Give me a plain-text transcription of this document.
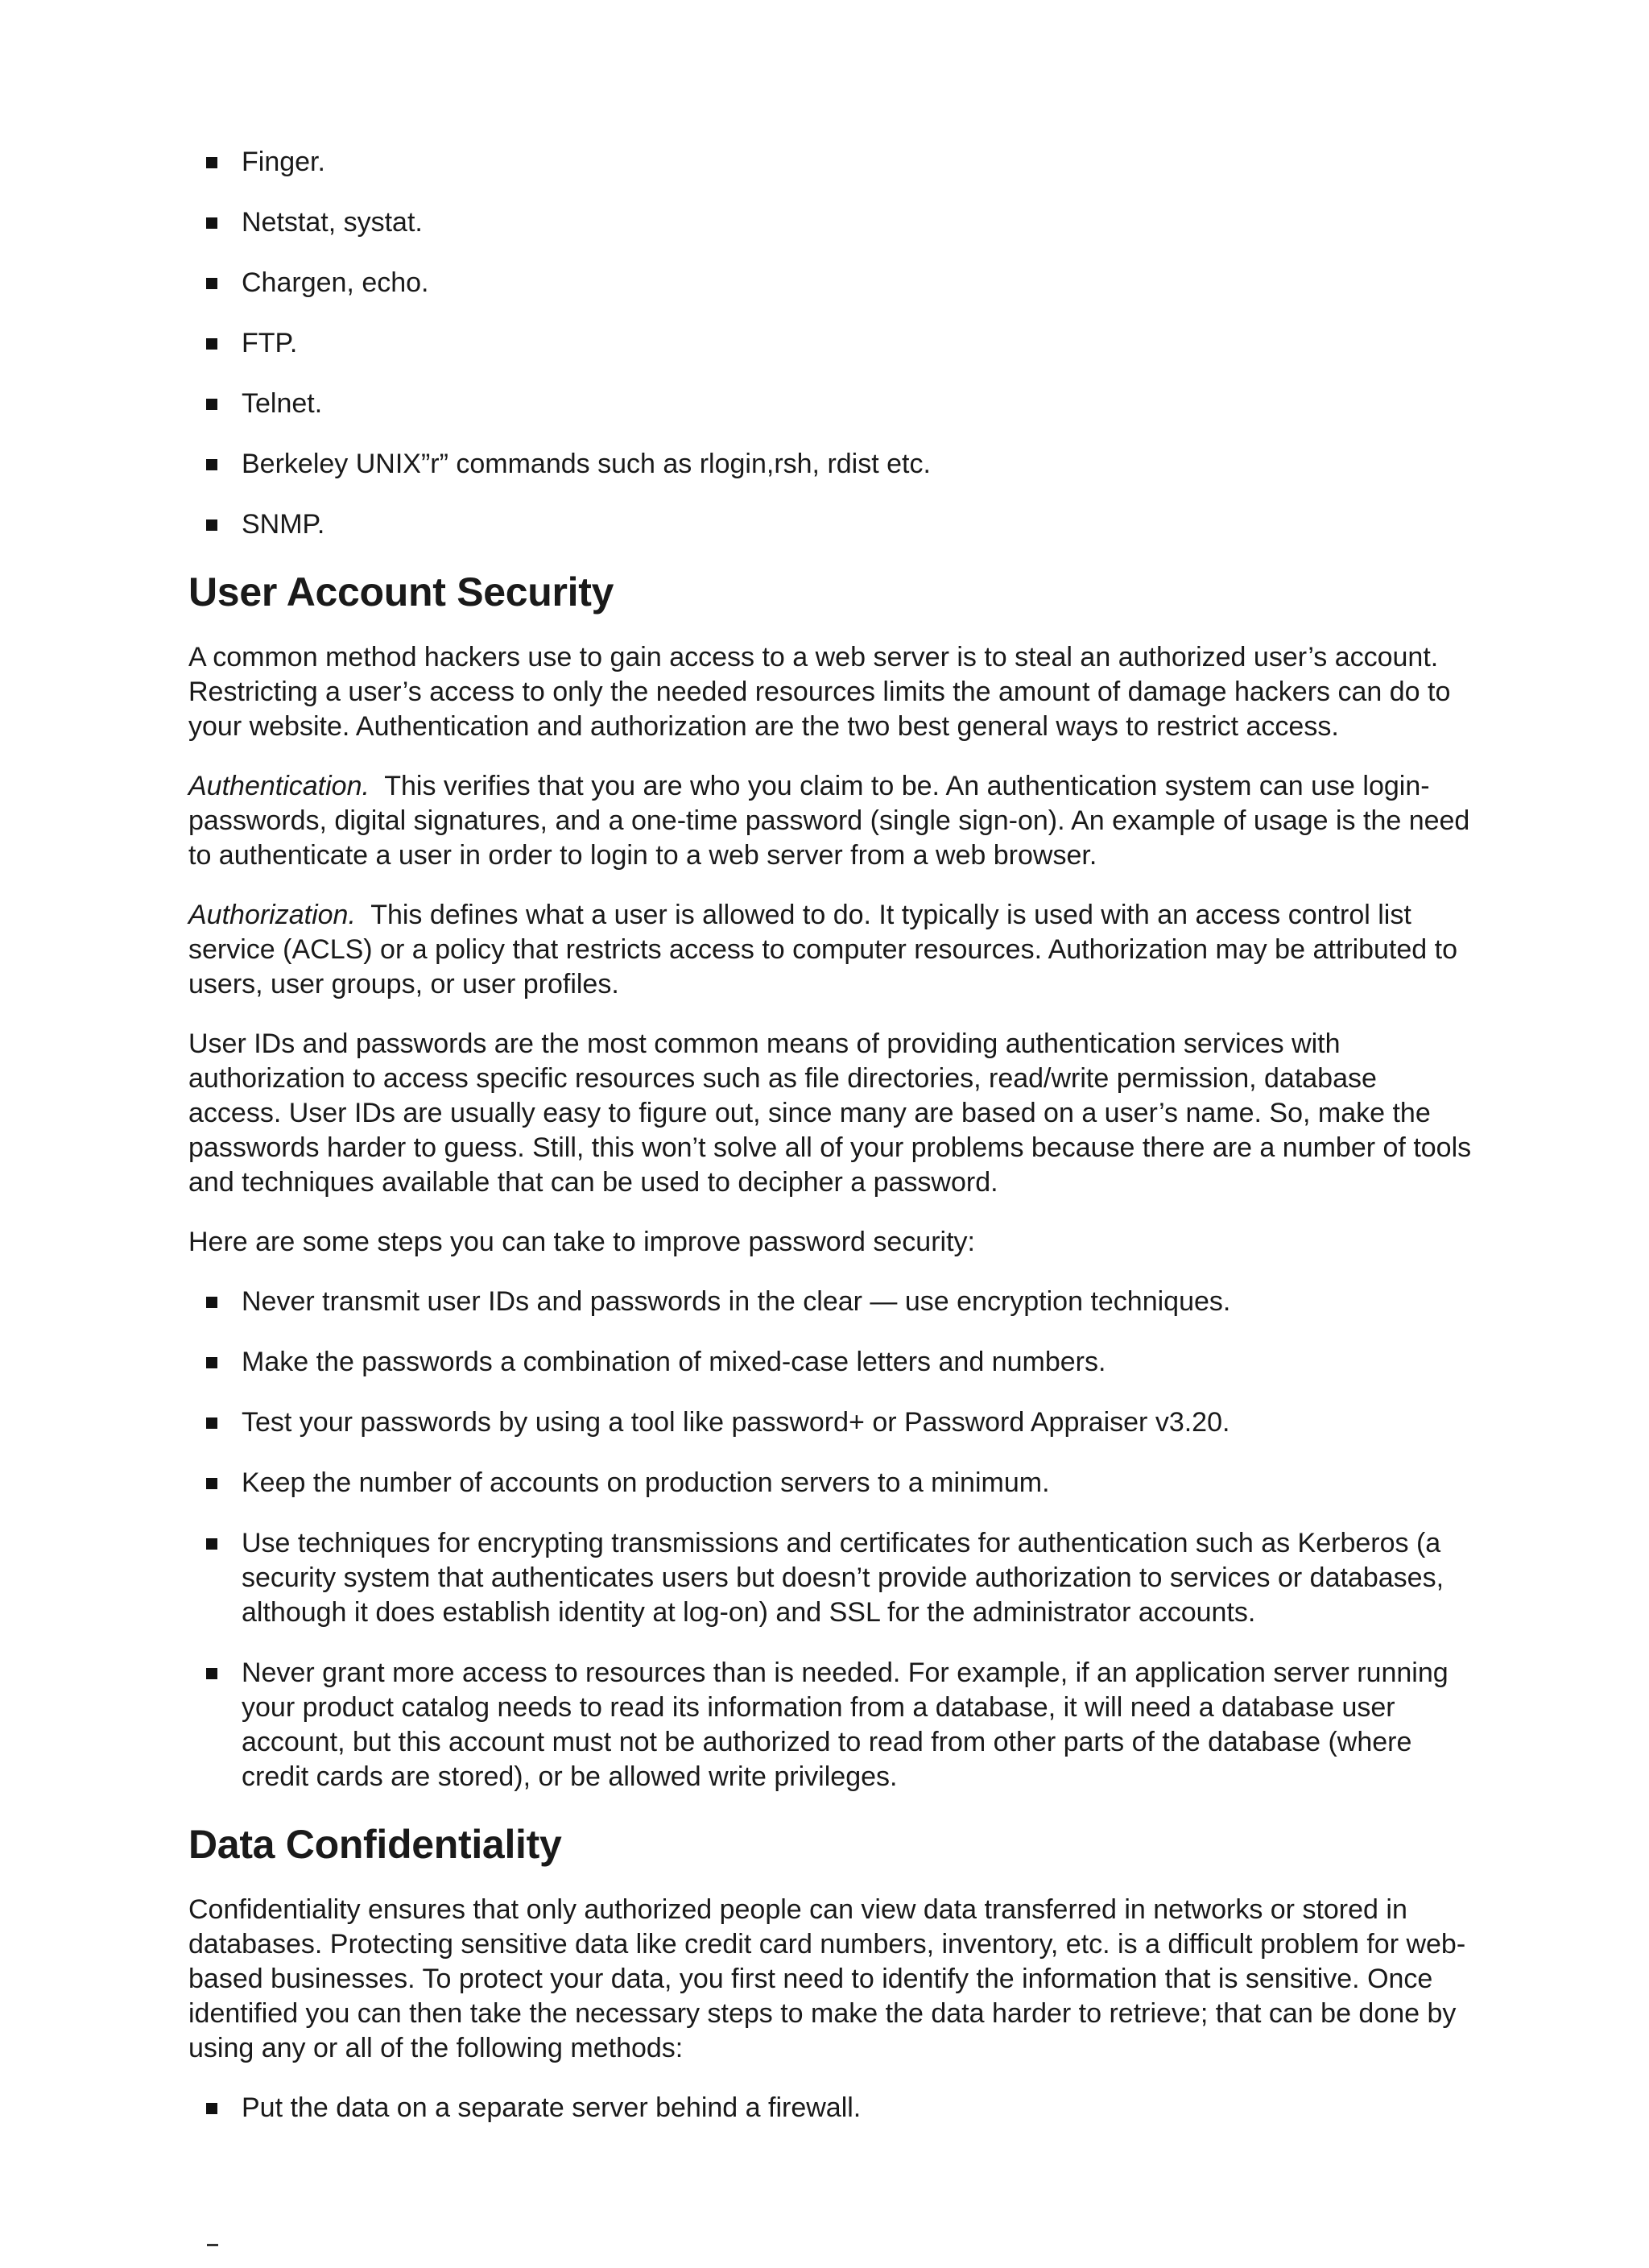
Finger.
Netstat, systat.
Chargen, echo.
FTP.
Telnet.
Berkeley UNIX”r” commands such as rlogin,rsh, rdist etc.
SNMP.
User Account Security

A common method hackers use to gain access to a web server is to steal an authorized user’s account. Restricting a user’s access to only the needed resources limits the amount of damage hackers can do to your website. Authentication and authorization are the two best general ways to restrict access.

Authentication. This verifies that you are who you claim to be. An authentication system can use login-passwords, digital signatures, and a one-time password (single sign-on). An example of usage is the need to authenticate a user in order to login to a web server from a web browser.

Authorization. This defines what a user is allowed to do. It typically is used with an access control list service (ACLS) or a policy that restricts access to computer resources. Authorization may be attributed to users, user groups, or user profiles.

User IDs and passwords are the most common means of providing authentication services with authorization to access specific resources such as file directories, read/write permission, database access. User IDs are usually easy to figure out, since many are based on a user’s name. So, make the passwords harder to guess. Still, this won’t solve all of your problems because there are a number of tools and techniques available that can be used to decipher a password.

Here are some steps you can take to improve password security:

Never transmit user IDs and passwords in the clear — use encryption techniques.
Make the passwords a combination of mixed-case letters and numbers.
Test your passwords by using a tool like password+ or Password Appraiser v3.20.
Keep the number of accounts on production servers to a minimum.
Use techniques for encrypting transmissions and certificates for authentication such as Kerberos (a security system that authenticates users but doesn’t provide authorization to services or databases, although it does establish identity at log-on) and SSL for the administrator accounts.
Never grant more access to resources than is needed. For example, if an application server running your product catalog needs to read its information from a database, it will need a database user account, but this account must not be authorized to read from other parts of the database (where credit cards are stored), or be allowed write privileges.
Data Confidentiality

Confidentiality ensures that only authorized people can view data transferred in networks or stored in databases. Protecting sensitive data like credit card numbers, inventory, etc. is a difficult problem for web-based businesses. To protect your data, you first need to identify the information that is sensitive. Once identified you can then take the necessary steps to make the data harder to retrieve; that can be done by using any or all of the following methods:

Put the data on a separate server behind a firewall.
